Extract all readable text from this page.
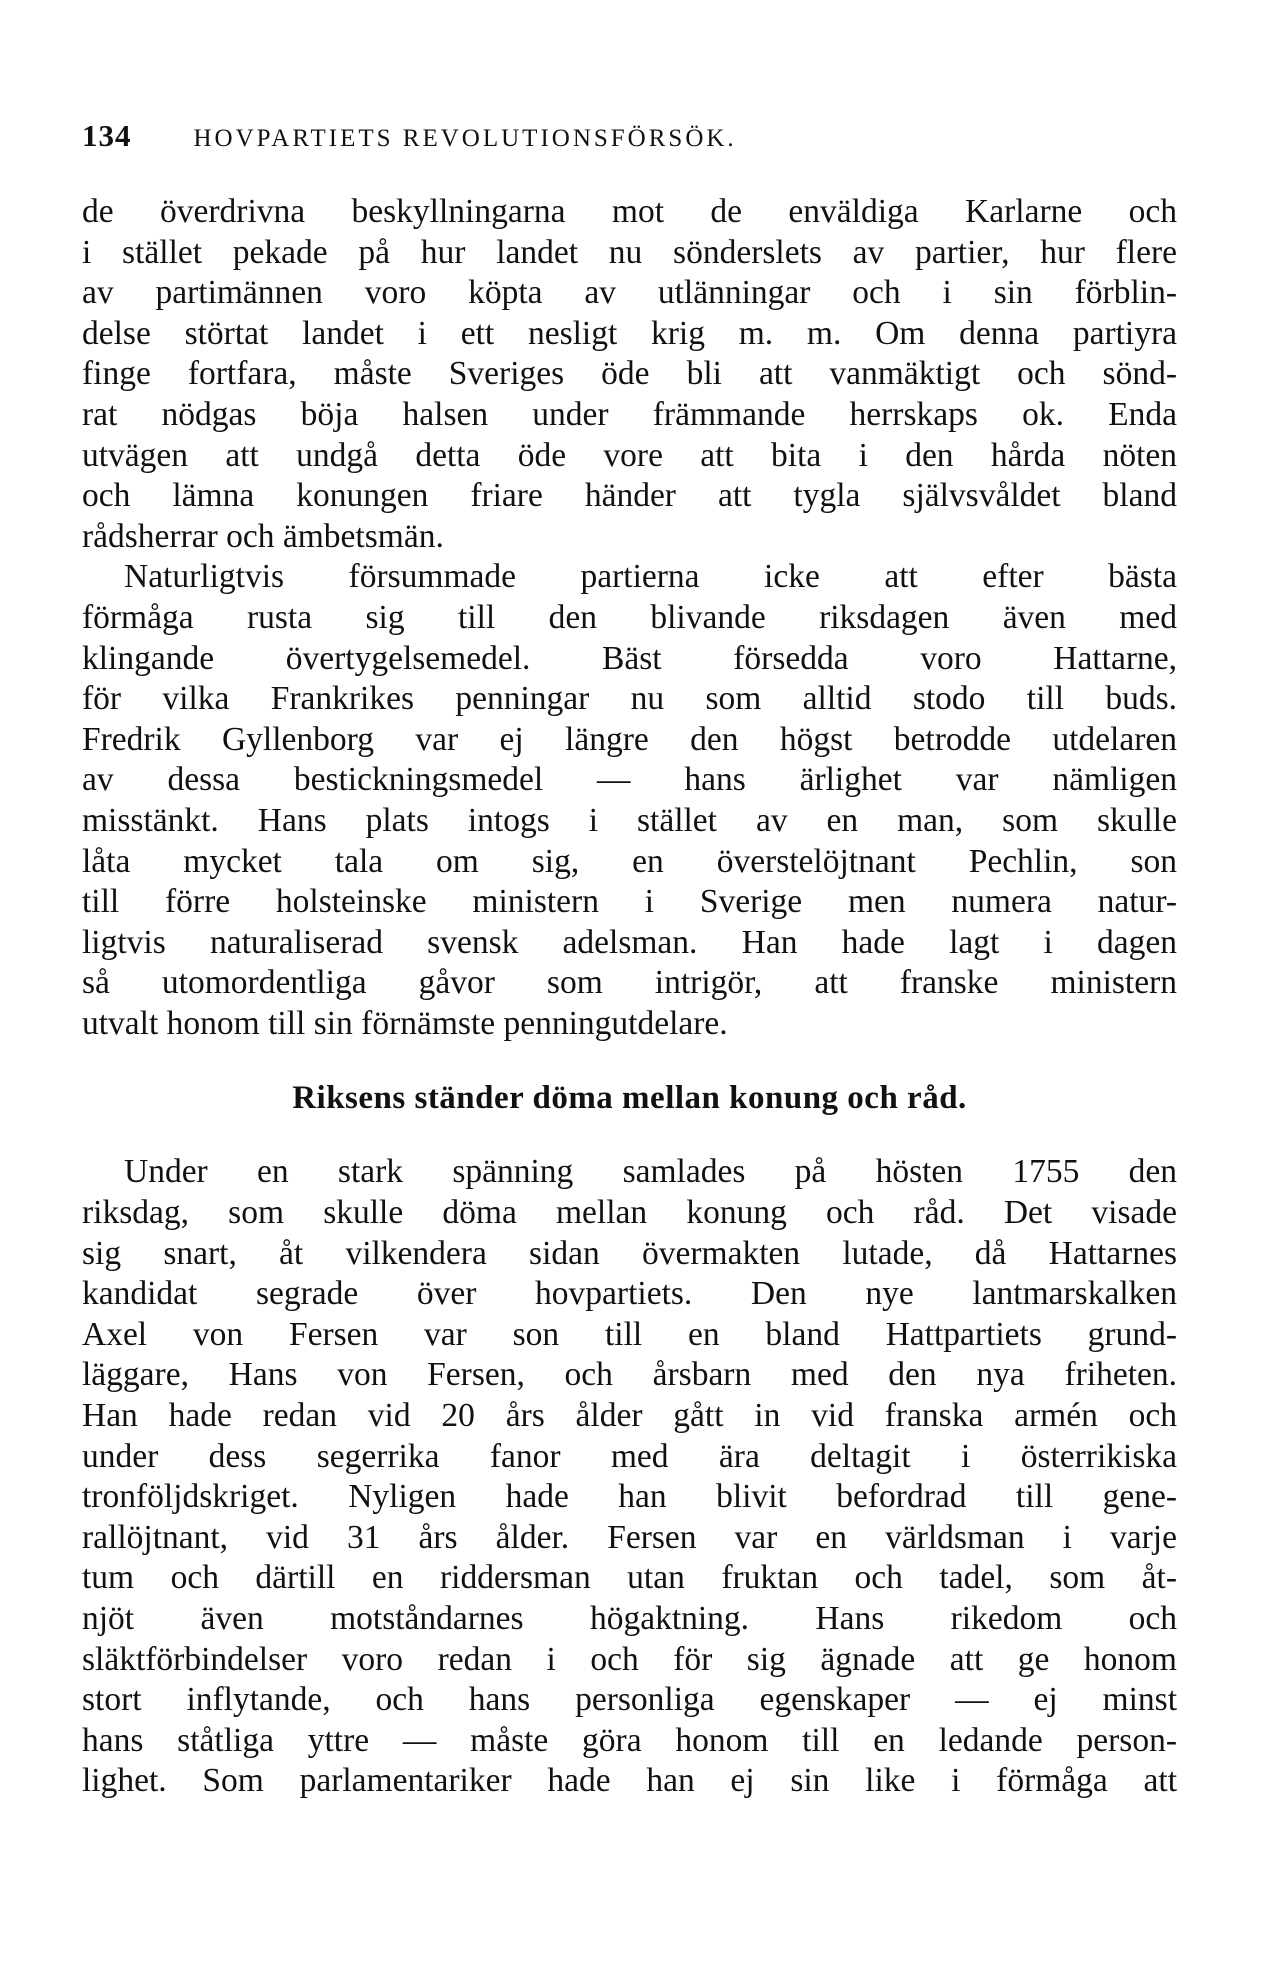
134 HOVPARTIETS REVOLUTIONSFÖRSÖK.
de överdrivna beskyllningarna mot de enväldiga Karlarne och
i stället pekade på hur landet nu sönderslets av partier, hur flere
av partimännen voro köpta av utlänningar och i sin förblin-
delse störtat landet i ett nesligt krig m. m. Om denna partiyra
finge fortfara, måste Sveriges öde bli att vanmäktigt och sönd-
rat nödgas böja halsen under främmande herrskaps ok. Enda
utvägen att undgå detta öde vore att bita i den hårda nöten
och lämna konungen friare händer att tygla självsvåldet bland
rådsherrar och ämbetsmän.
Naturligtvis försummade partierna icke att efter bästa
förmåga rusta sig till den blivande riksdagen även med
klingande övertygelsemedel. Bäst försedda voro Hattarne,
för vilka Frankrikes penningar nu som alltid stodo till buds.
Fredrik Gyllenborg var ej längre den högst betrodde utdelaren
av dessa bestickningsmedel — hans ärlighet var nämligen
misstänkt. Hans plats intogs i stället av en man, som skulle
låta mycket tala om sig, en överstelöjtnant Pechlin, son
till förre holsteinske ministern i Sverige men numera natur-
ligtvis naturaliserad svensk adelsman. Han hade lagt i dagen
så utomordentliga gåvor som intrigör, att franske ministern
utvalt honom till sin förnämste penningutdelare.
Riksens ständer döma mellan konung och råd.
Under en stark spänning samlades på hösten 1755 den
riksdag, som skulle döma mellan konung och råd. Det visade
sig snart, åt vilkendera sidan övermakten lutade, då Hattarnes
kandidat segrade över hovpartiets. Den nye lantmarskalken
Axel von Fersen var son till en bland Hattpartiets grund-
läggare, Hans von Fersen, och årsbarn med den nya friheten.
Han hade redan vid 20 års ålder gått in vid franska armén och
under dess segerrika fanor med ära deltagit i österrikiska
tronföljdskriget. Nyligen hade han blivit befordrad till gene-
rallöjtnant, vid 31 års ålder. Fersen var en världsman i varje
tum och därtill en riddersman utan fruktan och tadel, som åt-
njöt även motståndarnes högaktning. Hans rikedom och
släktförbindelser voro redan i och för sig ägnade att ge honom
stort inflytande, och hans personliga egenskaper — ej minst
hans ståtliga yttre — måste göra honom till en ledande person-
lighet. Som parlamentariker hade han ej sin like i förmåga att
